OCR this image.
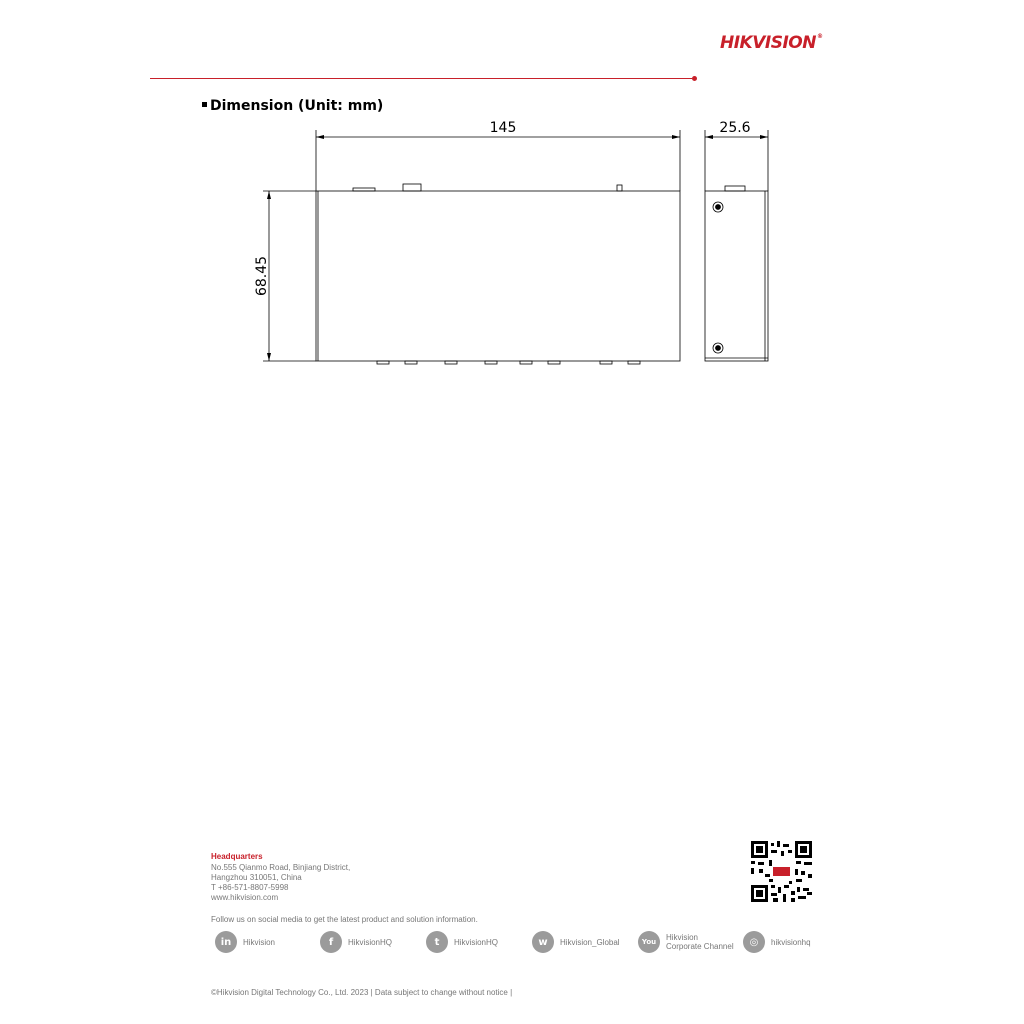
HIKVISION®
Dimension (Unit: mm)
145	25.6
68.45
Headquarters
No.555 Qianmo Road, Binjiang District,
Hangzhou 310051, China
T +86-571-8807-5998
www.hikvision.com
Follow us on social media to get the latest product and solution information.
in	Hikvision	f	HikvisionHQ	t	HikvisionHQ	w	Hikvision_Global	You	Hikvision
Corporate Channel	◎	hikvisionhq
©Hikvision Digital Technology Co., Ltd. 2023 | Data subject to change without notice |
